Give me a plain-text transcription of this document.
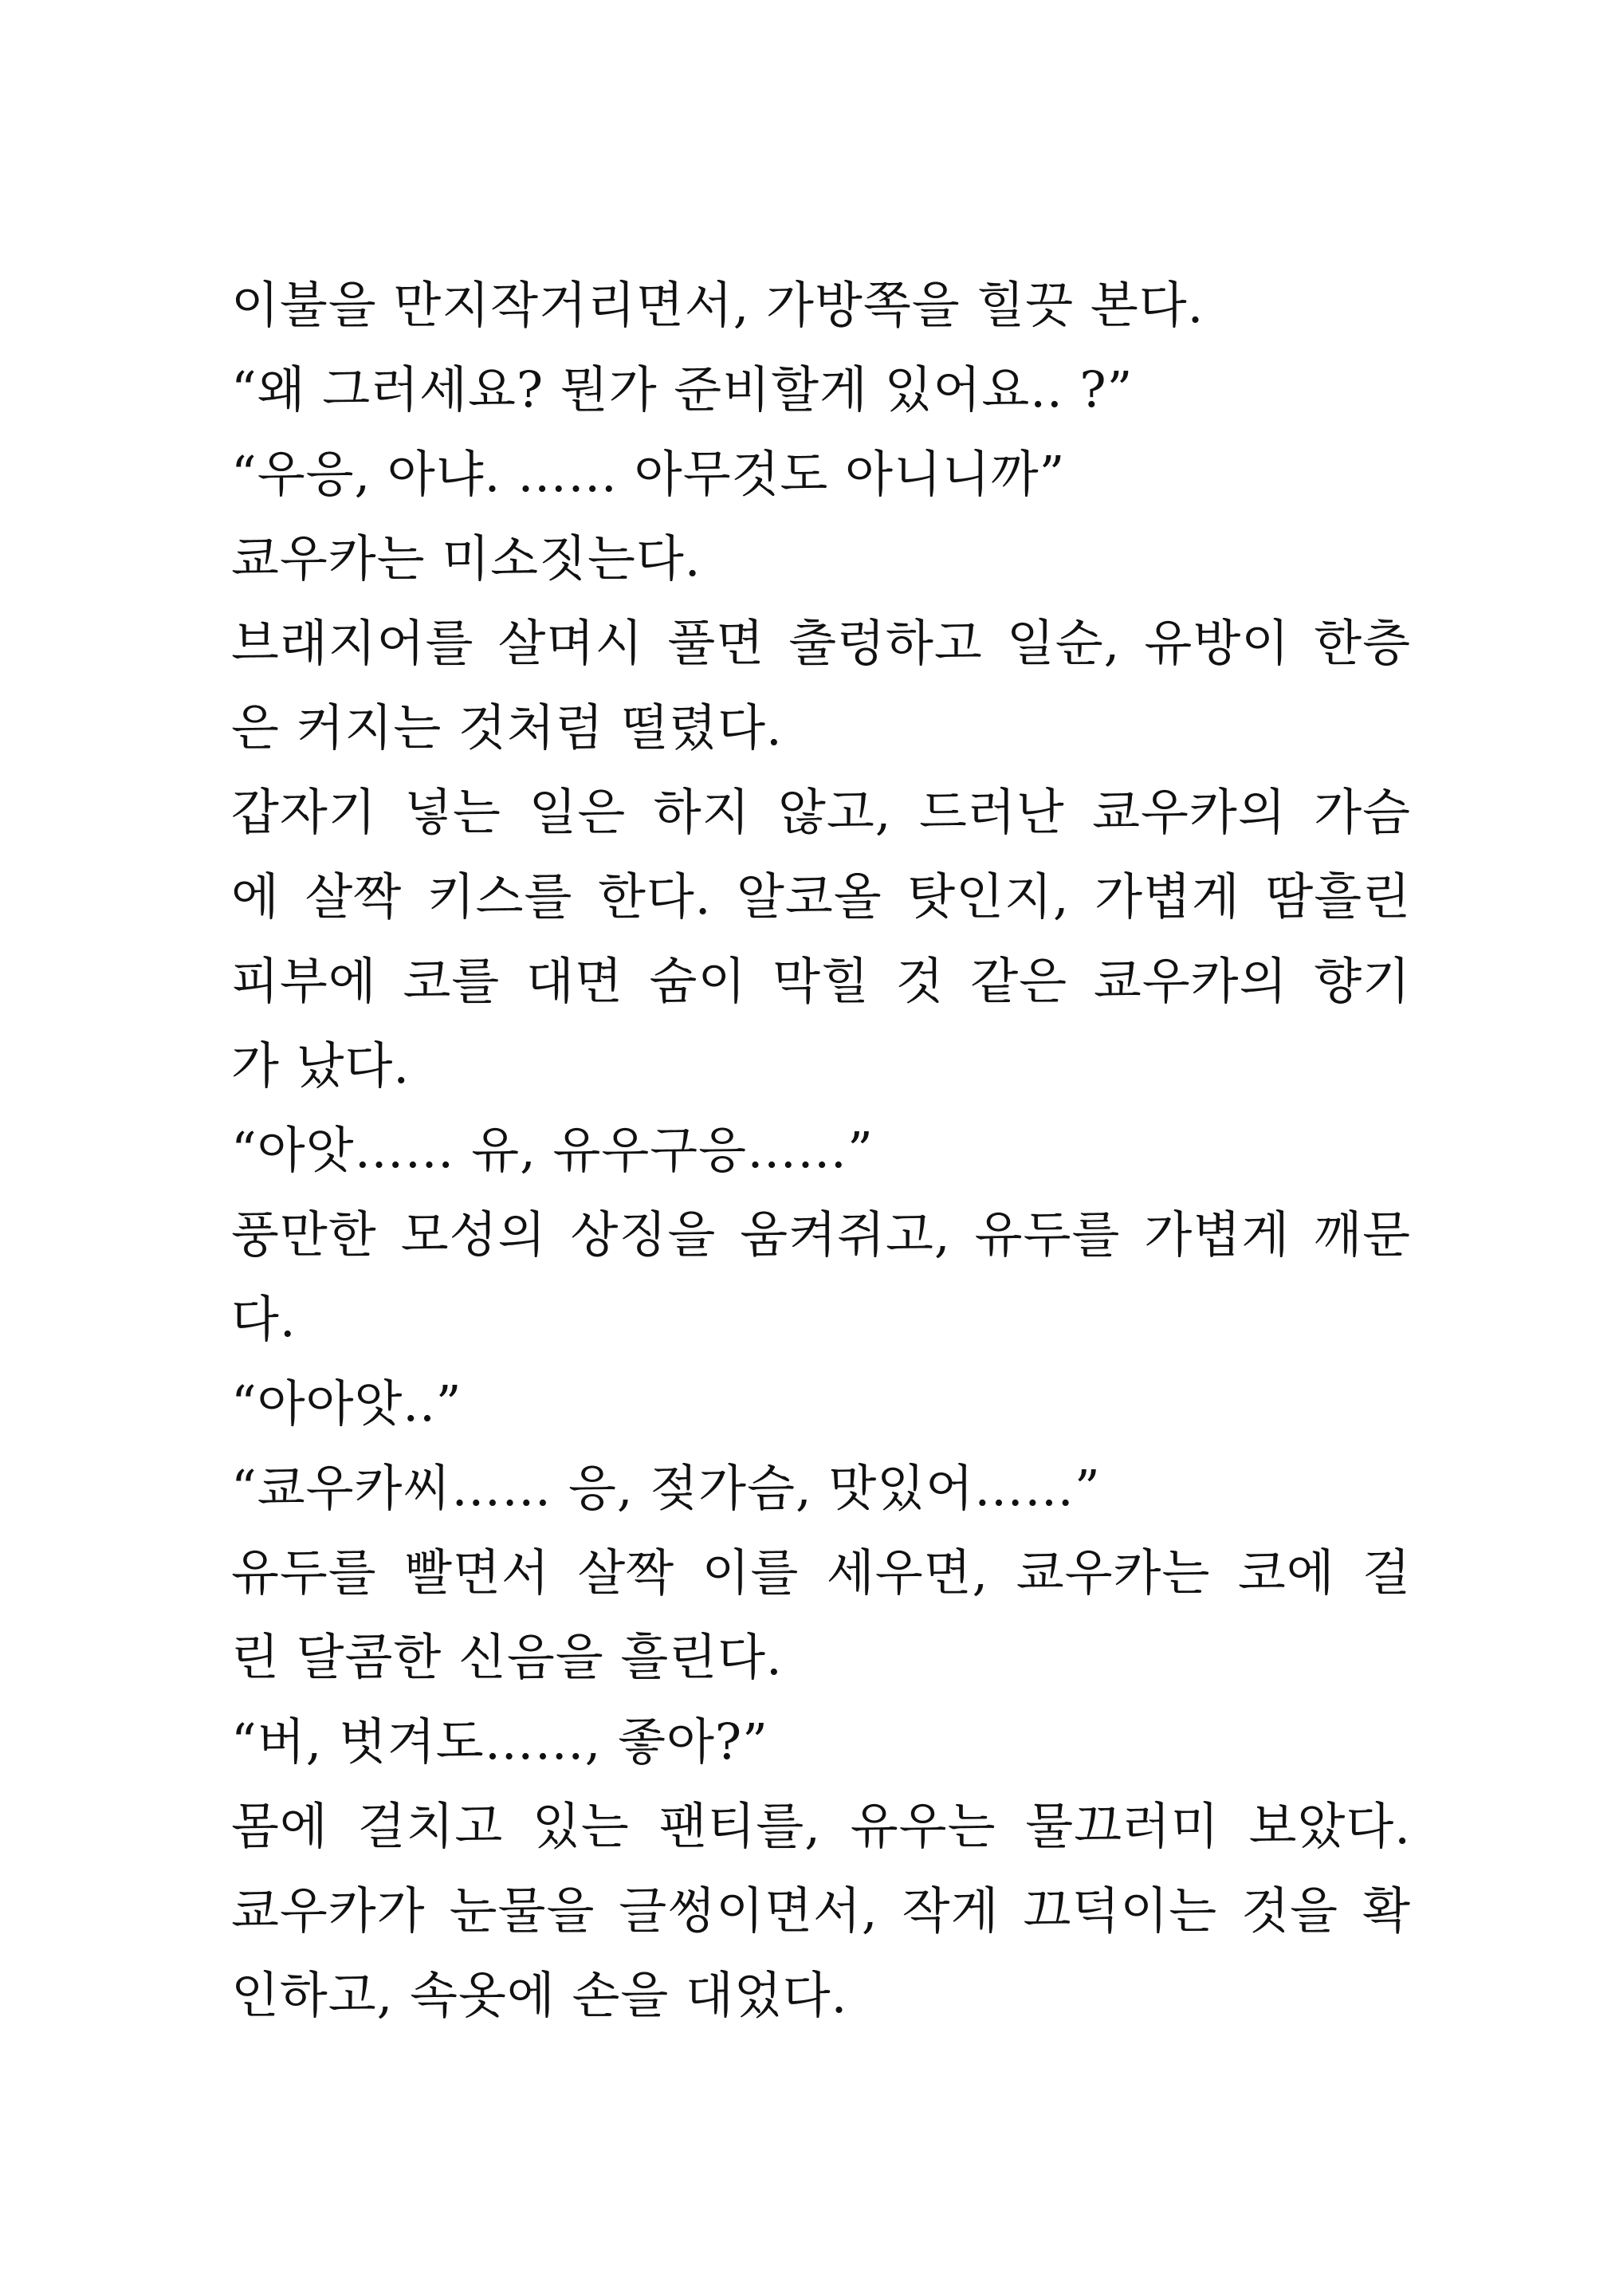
이불을 만지작거리면서, 가방쪽을 힐끗 본다.
“왜 그러세요? 뭔가 준비할게 있어요.. ?”
“우응, 아냐. …… 아무것도 아니니까”
쿄우카는 미소짓는다.
브래지어를 살며시 풀면 출렁하고 일순, 유방이 한층
은 커지는 것처럼 떨렸다.
갑자기 넣는 일은 하지 않고, 드러난 쿄우카의 가슴
에 살짝 키스를 한다. 알코올 탓인지, 가볍게 땀흘린
피부에 코를 대면 숨이 막힐 것 같은 쿄우카의 향기
가 났다.
“아앗…… 유, 유우구응……”
풍만한 모성의 상징을 움켜쥐고, 유두를 가볍게 깨문
다.
“아아앗..”
“쿄우카씨…… 응, 젖가슴, 맛있어……”
유두를 빨면서 살짝 이를 세우면, 쿄우카는 코에 걸
린 달콤한 신음을 흘린다.
“버, 벗겨도……, 좋아?”
몸에 걸치고 있는 팬티를, 유우는 물끄러미 보았다.
쿄우카가 눈물을 글썽이면서, 작게 끄덕이는 것을 확
인하고, 속옷에 손을 대었다.
